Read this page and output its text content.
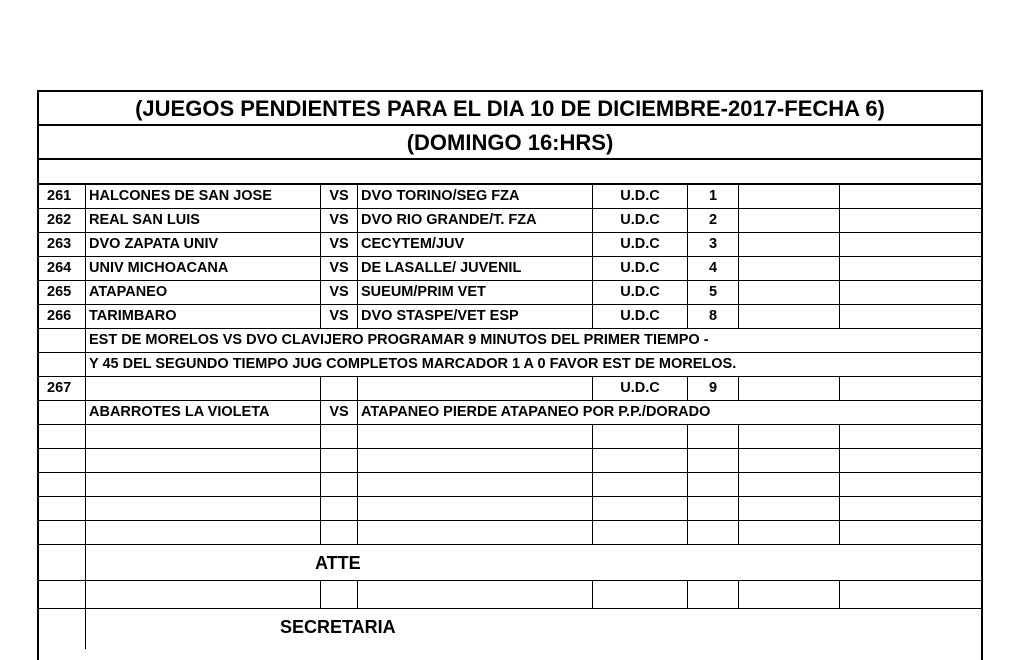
(JUEGOS PENDIENTES PARA EL DIA 10 DE DICIEMBRE-2017-FECHA 6)
(DOMINGO 16:HRS)
261	HALCONES DE SAN JOSE	VS DVO TORINO/SEG FZA	U.D.C	1
262	REAL SAN LUIS	VS DVO RIO GRANDE/T. FZA	U.D.C	2
263	DVO ZAPATA UNIV	VS CECYTEM/JUV	U.D.C	3
264	UNIV MICHOACANA	VS DE LASALLE/ JUVENIL	U.D.C	4
265	ATAPANEO	VS SUEUM/PRIM VET	U.D.C	5
266	TARIMBARO	VS DVO STASPE/VET ESP	U.D.C	8
EST DE MORELOS VS DVO CLAVIJERO PROGRAMAR 9 MINUTOS DEL PRIMER TIEMPO -
Y 45 DEL SEGUNDO TIEMPO JUG COMPLETOS MARCADOR 1 A 0 FAVOR EST DE MORELOS.
267	U.D.C	9
ABARROTES LA VIOLETA	VS ATAPANEO PIERDE ATAPANEO POR P.P./DORADO
ATTE
SECRETARIA
